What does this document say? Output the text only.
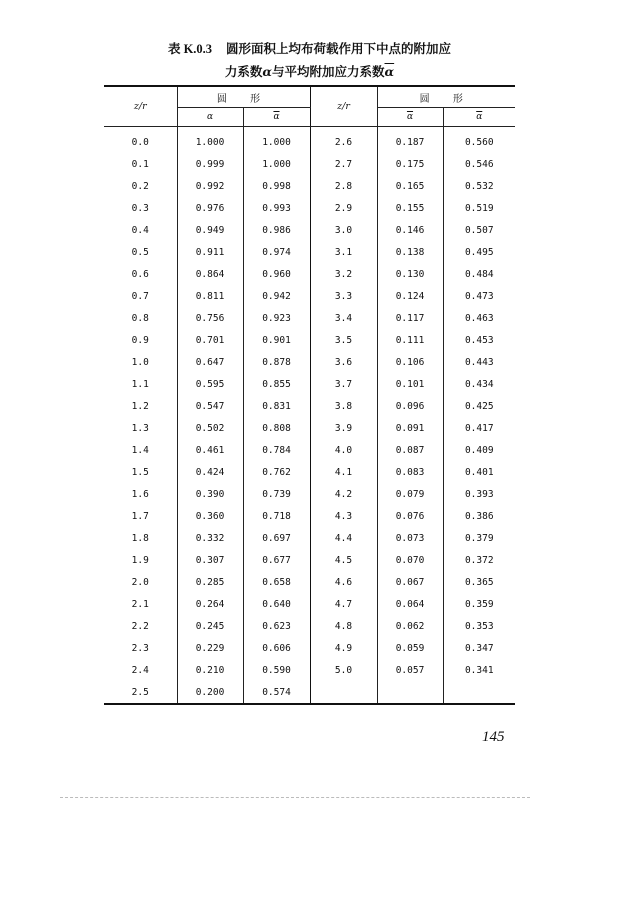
表 K.0.3 圆形面积上均布荷载作用下中点的附加应
力系数α与平均附加应力系数$\overline{\alpha}$
z/r	圆 形		z/r	圆 形	
	α	$\overline{\alpha}$		$\overline{\alpha}$	$\overline{\alpha}$
0.0	1.000	1.000	2.6	0.187	0.560
0.1	0.999	1.000	2.7	0.175	0.546
0.2	0.992	0.998	2.8	0.165	0.532
0.3	0.976	0.993	2.9	0.155	0.519
0.4	0.949	0.986	3.0	0.146	0.507
0.5	0.911	0.974	3.1	0.138	0.495
0.6	0.864	0.960	3.2	0.130	0.484
0.7	0.811	0.942	3.3	0.124	0.473
0.8	0.756	0.923	3.4	0.117	0.463
0.9	0.701	0.901	3.5	0.111	0.453
1.0	0.647	0.878	3.6	0.106	0.443
1.1	0.595	0.855	3.7	0.101	0.434
1.2	0.547	0.831	3.8	0.096	0.425
1.3	0.502	0.808	3.9	0.091	0.417
1.4	0.461	0.784	4.0	0.087	0.409
1.5	0.424	0.762	4.1	0.083	0.401
1.6	0.390	0.739	4.2	0.079	0.393
1.7	0.360	0.718	4.3	0.076	0.386
1.8	0.332	0.697	4.4	0.073	0.379
1.9	0.307	0.677	4.5	0.070	0.372
2.0	0.285	0.658	4.6	0.067	0.365
2.1	0.264	0.640	4.7	0.064	0.359
2.2	0.245	0.623	4.8	0.062	0.353
2.3	0.229	0.606	4.9	0.059	0.347
2.4	0.210	0.590	5.0	0.057	0.341
2.5	0.200	0.574			
145
